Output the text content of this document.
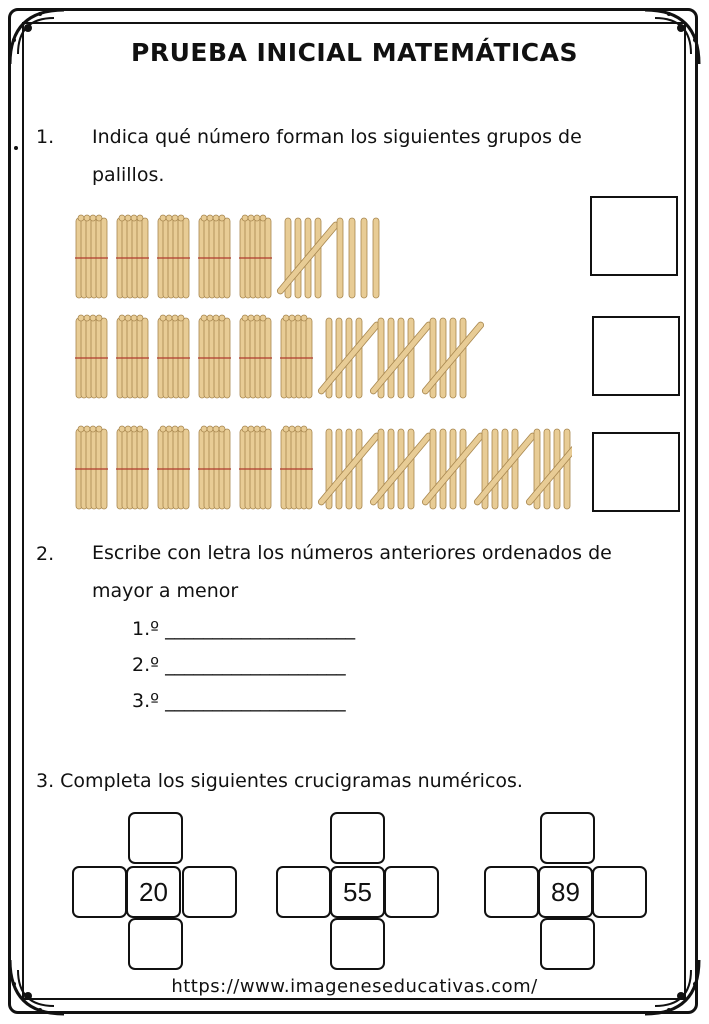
PRUEBA INICIAL MATEMÁTICAS
1. Indica qué número forman los siguientes grupos de
palillos.
2. Escribe con letra los números anteriores ordenados de
mayor a menor
1.º ____________________
2.º ___________________
3.º ___________________
3. Completa los siguientes crucigramas numéricos.
20	55	89
https://www.imageneseducativas.com/
